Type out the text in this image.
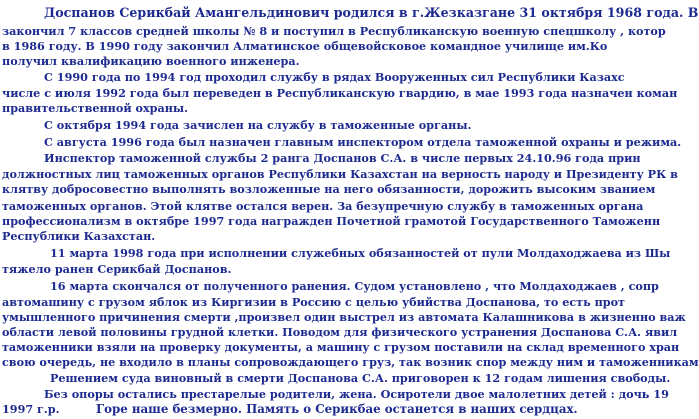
Доспанов Серикбай Амангельдинович родился в г.Жезказгане 31 октября 1968 года. В

закончил 7 классов средней школы № 8 и поступил в Республиканскую военную спецшколу , котор

в 1986 году. В 1990 году закончил Алматинское общевойсковое командное училище им.Ко

получил квалификацию военного инженера.

С 1990 года по 1994 год проходил службу в рядах Вооруженных сил Республики Казахс

числе с июля 1992 года был переведен в Республиканскую гвардию, в мае 1993 года назначен коман

правительственной охраны.

С октября 1994 года зачислен на службу в таможенные органы.

С августа 1996 года был назначен главным инспектором отдела таможенной охраны и режима.

Инспектор таможенной службы 2 ранга Доспанов С.А. в числе первых 24.10.96 года прин

должностных лиц таможенных органов Республики Казахстан на верность народу и Президенту РК в

клятву добросовестно выполнять возложенные на него обязанности, дорожить высоким званием

таможенных органов. Этой клятве остался верен. За безупречную службу в таможенных органа

профессионализм в октябре 1997 года награжден Почетной грамотой Государственного Таможенн

Республики Казахстан.

11 марта 1998 года при исполнении служебных обязанностей от пули Молдаходжаева из Шы

тяжело ранен Серикбай Доспанов.

16 марта скончался от полученного ранения. Судом установлено , что Молдаходжаев , сопр

автомашину с грузом яблок из Киргизии в Россию с целью убийства Доспанова, то есть прот

умышленного причинения смерти ,произвел один выстрел из автомата Калашникова в жизненно важ

области левой половины грудной клетки. Поводом для физического устранения Доспанова С.А. явил

таможенники взяли на проверку документы, а машину с грузом поставили на склад временного хран

свою очередь, не входило в планы сопровождающего груз, так возник спор между ним и таможенникам

Решением суда виновный в смерти Доспанова С.А. приговорен к 12 годам лишения свободы.

Без опоры остались престарелые родители, жена. Осиротели двое малолетних детей : дочь 19

1997 г.р.	Горе наше безмерно. Память о Серикбае останется в наших сердцах.
